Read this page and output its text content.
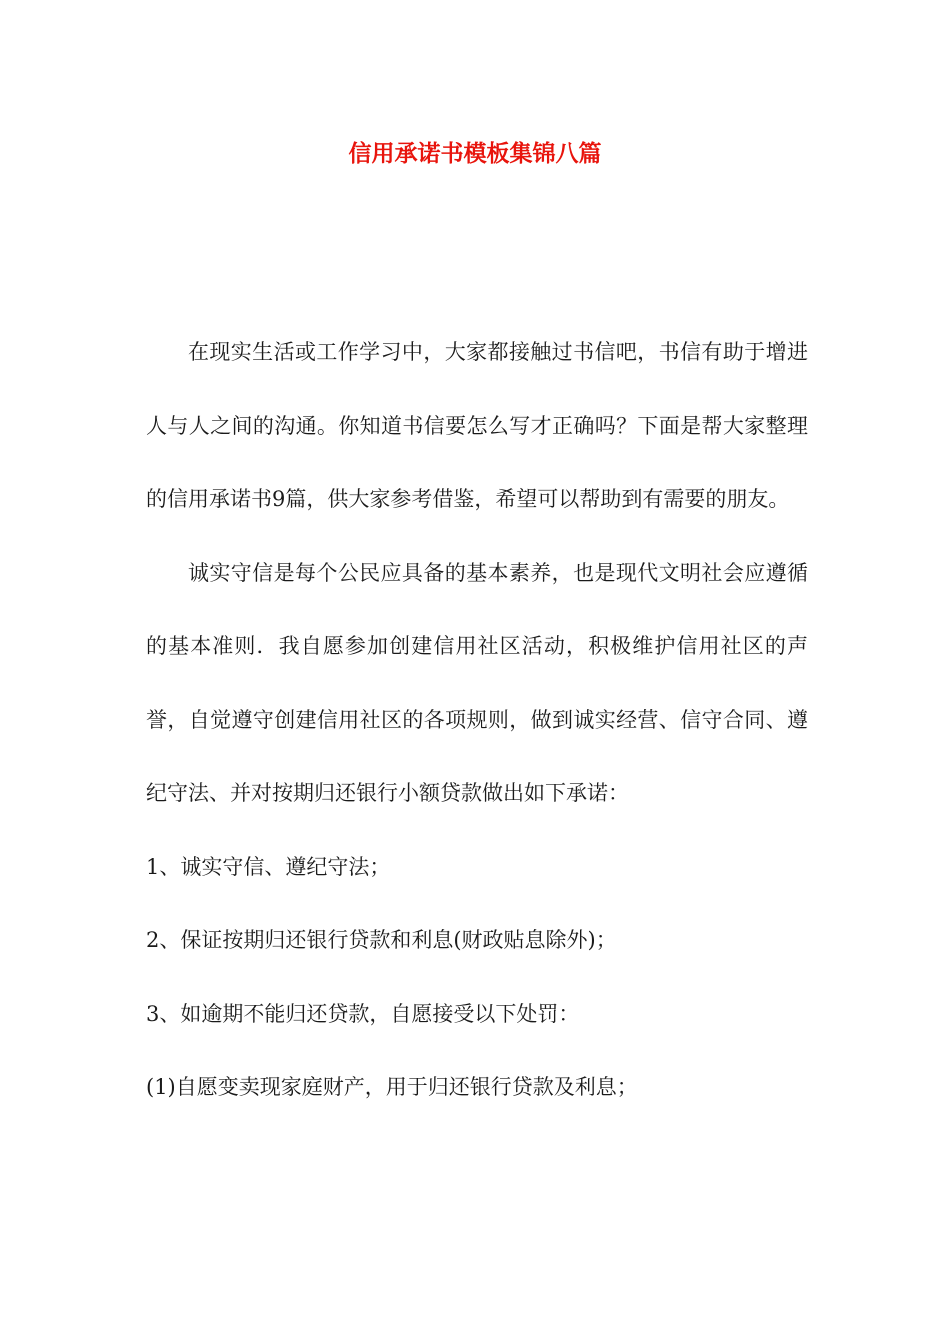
信用承诺书模板集锦八篇

在现实生活或工作学习中，大家都接触过书信吧，书信有助于增进人与人之间的沟通。你知道书信要怎么写才正确吗？下面是帮大家整理的信用承诺书9篇，供大家参考借鉴，希望可以帮助到有需要的朋友。

诚实守信是每个公民应具备的基本素养，也是现代文明社会应遵循的基本准则．我自愿参加创建信用社区活动，积极维护信用社区的声誉，自觉遵守创建信用社区的各项规则，做到诚实经营、信守合同、遵纪守法、并对按期归还银行小额贷款做出如下承诺：

1、诚实守信、遵纪守法；

2、保证按期归还银行贷款和利息(财政贴息除外)；

3、如逾期不能归还贷款，自愿接受以下处罚：

(1)自愿变卖现家庭财产，用于归还银行贷款及利息；
